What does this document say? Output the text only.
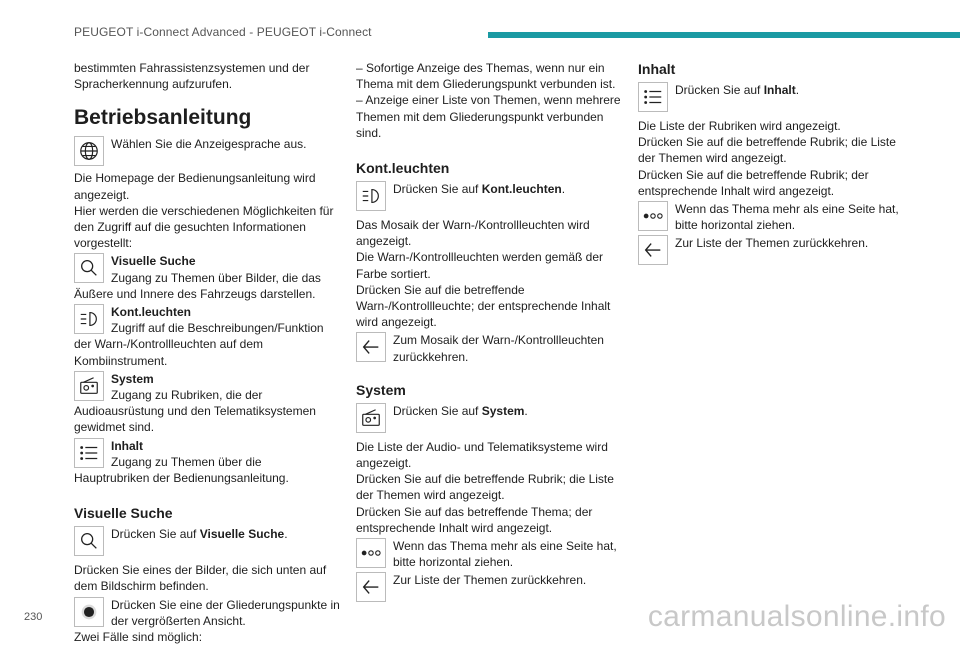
PEUGEOT i-Connect Advanced - PEUGEOT i-Connect

bestimmten Fahrassistenzsystemen und der Spracherkennung aufzurufen.

Betriebsanleitung

Wählen Sie die Anzeigesprache aus.

Die Homepage der Bedienungsanleitung wird angezeigt.

Hier werden die verschiedenen Möglichkeiten für den Zugriff auf die gesuchten Informationen vorgestellt:

Visuelle Suche
Zugang zu Themen über Bilder, die das Äußere und Innere des Fahrzeugs darstellen.

Kont.leuchten
Zugriff auf die Beschreibungen/Funktion der Warn-/Kontrollleuchten auf dem Kombiinstrument.

System
Zugang zu Rubriken, die der Audioausrüstung und den Telematiksystemen gewidmet sind.

Inhalt
Zugang zu Themen über die Hauptrubriken der Bedienungsanleitung.

Visuelle Suche

Drücken Sie auf Visuelle Suche.

Drücken Sie eines der Bilder, die sich unten auf dem Bildschirm befinden.

Drücken Sie eine der Gliederungspunkte in der vergrößerten Ansicht.

Zwei Fälle sind möglich:

– Sofortige Anzeige des Themas, wenn nur ein Thema mit dem Gliederungspunkt verbunden ist.

– Anzeige einer Liste von Themen, wenn mehrere Themen mit dem Gliederungspunkt verbunden sind.

Kont.leuchten

Drücken Sie auf Kont.leuchten.

Das Mosaik der Warn-/Kontrollleuchten wird angezeigt.

Die Warn-/Kontrollleuchten werden gemäß der Farbe sortiert.

Drücken Sie auf die betreffende Warn-/Kontrollleuchte; der entsprechende Inhalt wird angezeigt.

Zum Mosaik der Warn-/Kontrollleuchten zurückkehren.

System

Drücken Sie auf System.

Die Liste der Audio- und Telematiksysteme wird angezeigt.

Drücken Sie auf die betreffende Rubrik; die Liste der Themen wird angezeigt.

Drücken Sie auf das betreffende Thema; der entsprechende Inhalt wird angezeigt.

Wenn das Thema mehr als eine Seite hat, bitte horizontal ziehen.

Zur Liste der Themen zurückkehren.

Inhalt

Drücken Sie auf Inhalt.

Die Liste der Rubriken wird angezeigt.

Drücken Sie auf die betreffende Rubrik; die Liste der Themen wird angezeigt.

Drücken Sie auf die betreffende Rubrik; der entsprechende Inhalt wird angezeigt.

Wenn das Thema mehr als eine Seite hat, bitte horizontal ziehen.

Zur Liste der Themen zurückkehren.

230	carmanualsonline.info
